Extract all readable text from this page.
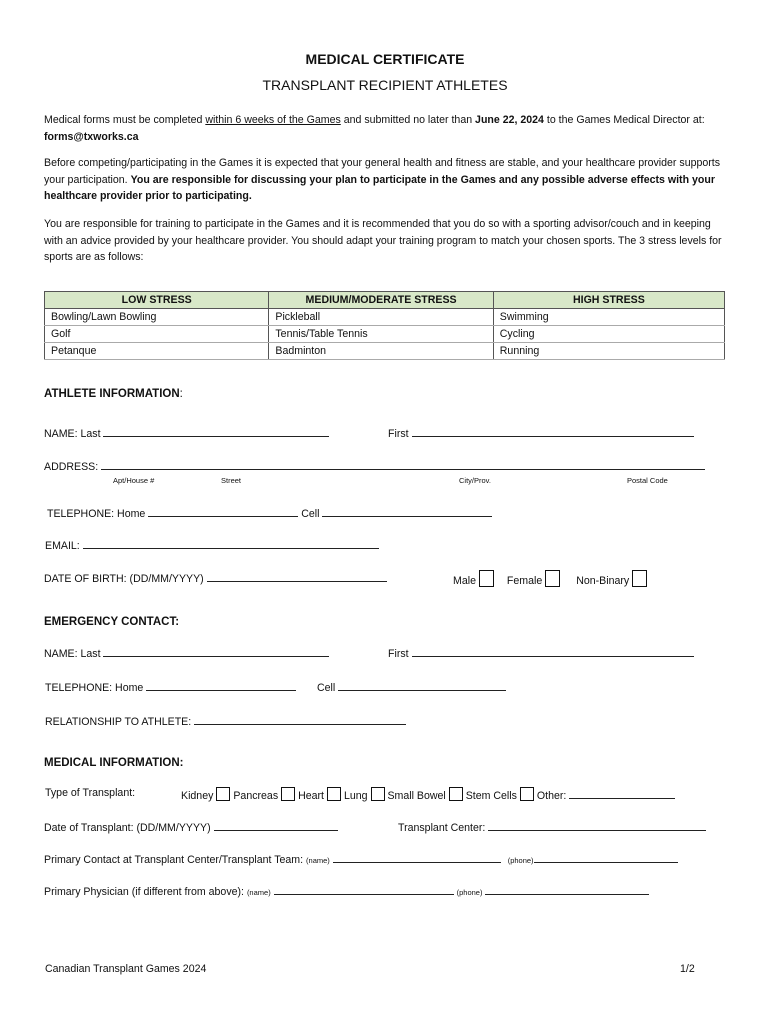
MEDICAL CERTIFICATE
TRANSPLANT RECIPIENT ATHLETES
Medical forms must be completed within 6 weeks of the Games and submitted no later than June 22, 2024 to the Games Medical Director at: forms@txworks.ca
Before competing/participating in the Games it is expected that your general health and fitness are stable, and your healthcare provider supports your participation. You are responsible for discussing your plan to participate in the Games and any possible adverse effects with your healthcare provider prior to participating.
You are responsible for training to participate in the Games and it is recommended that you do so with a sporting advisor/couch and in keeping with an advice provided by your healthcare provider. You should adapt your training program to match your chosen sports. The 3 stress levels for sports are as follows:
LOW STRESS	MEDIUM/MODERATE STRESS	HIGH STRESS
Bowling/Lawn Bowling	Pickleball	Swimming
Golf	Tennis/Table Tennis	Cycling
Petanque	Badminton	Running
ATHLETE INFORMATION:
NAME: Last	First
ADDRESS:
Apt/House #	Street	City/Prov.	Postal Code
TELEPHONE: Home	Cell
EMAIL:
DATE OF BIRTH: (DD/MM/YYYY)	Male	Female	Non-Binary
EMERGENCY CONTACT:
NAME: Last	First
TELEPHONE: Home	Cell
RELATIONSHIP TO ATHLETE:
MEDICAL INFORMATION:
Type of Transplant:	Kidney Pancreas Heart Lung Small Bowel Stem Cells Other:
Date of Transplant: (DD/MM/YYYY)	Transplant Center:
Primary Contact at Transplant Center/Transplant Team: (name)	(phone)
Primary Physician (if different from above): (name)	(phone)
Canadian Transplant Games 2024	1/2
